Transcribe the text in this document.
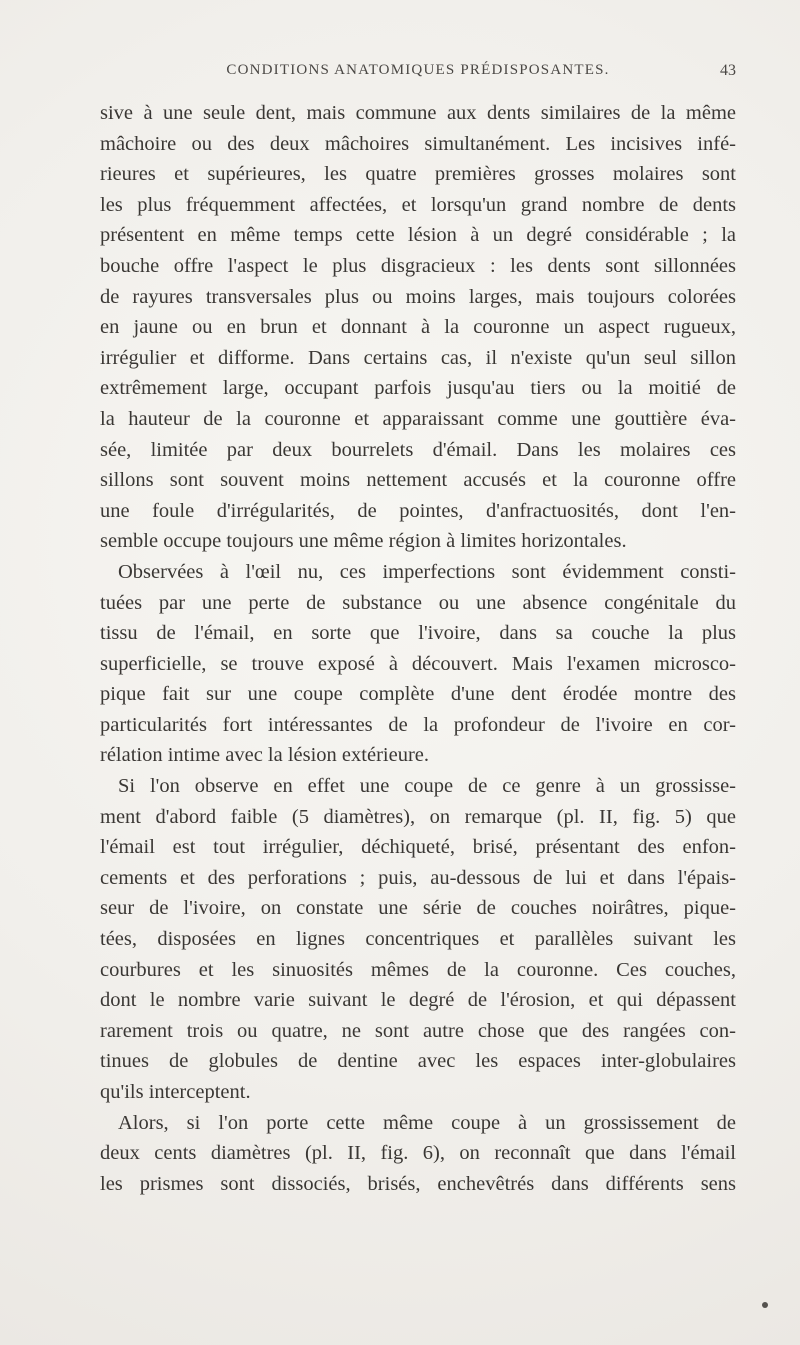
CONDITIONS ANATOMIQUES PRÉDISPOSANTES.	43
sive à une seule dent, mais commune aux dents similaires de la même
mâchoire ou des deux mâchoires simultanément. Les incisives infé-
rieures et supérieures, les quatre premières grosses molaires sont
les plus fréquemment affectées, et lorsqu'un grand nombre de dents
présentent en même temps cette lésion à un degré considérable ; la
bouche offre l'aspect le plus disgracieux : les dents sont sillonnées
de rayures transversales plus ou moins larges, mais toujours colorées
en jaune ou en brun et donnant à la couronne un aspect rugueux,
irrégulier et difforme. Dans certains cas, il n'existe qu'un seul sillon
extrêmement large, occupant parfois jusqu'au tiers ou la moitié de
la hauteur de la couronne et apparaissant comme une gouttière éva-
sée, limitée par deux bourrelets d'émail. Dans les molaires ces
sillons sont souvent moins nettement accusés et la couronne offre
une foule d'irrégularités, de pointes, d'anfractuosités, dont l'en-
semble occupe toujours une même région à limites horizontales.
Observées à l'œil nu, ces imperfections sont évidemment consti-
tuées par une perte de substance ou une absence congénitale du
tissu de l'émail, en sorte que l'ivoire, dans sa couche la plus
superficielle, se trouve exposé à découvert. Mais l'examen microsco-
pique fait sur une coupe complète d'une dent érodée montre des
particularités fort intéressantes de la profondeur de l'ivoire en cor-
rélation intime avec la lésion extérieure.
Si l'on observe en effet une coupe de ce genre à un grossisse-
ment d'abord faible (5 diamètres), on remarque (pl. II, fig. 5) que
l'émail est tout irrégulier, déchiqueté, brisé, présentant des enfon-
cements et des perforations ; puis, au-dessous de lui et dans l'épais-
seur de l'ivoire, on constate une série de couches noirâtres, pique-
tées, disposées en lignes concentriques et parallèles suivant les
courbures et les sinuosités mêmes de la couronne. Ces couches,
dont le nombre varie suivant le degré de l'érosion, et qui dépassent
rarement trois ou quatre, ne sont autre chose que des rangées con-
tinues de globules de dentine avec les espaces inter-globulaires
qu'ils interceptent.
Alors, si l'on porte cette même coupe à un grossissement de
deux cents diamètres (pl. II, fig. 6), on reconnaît que dans l'émail
les prismes sont dissociés, brisés, enchevêtrés dans différents sens
